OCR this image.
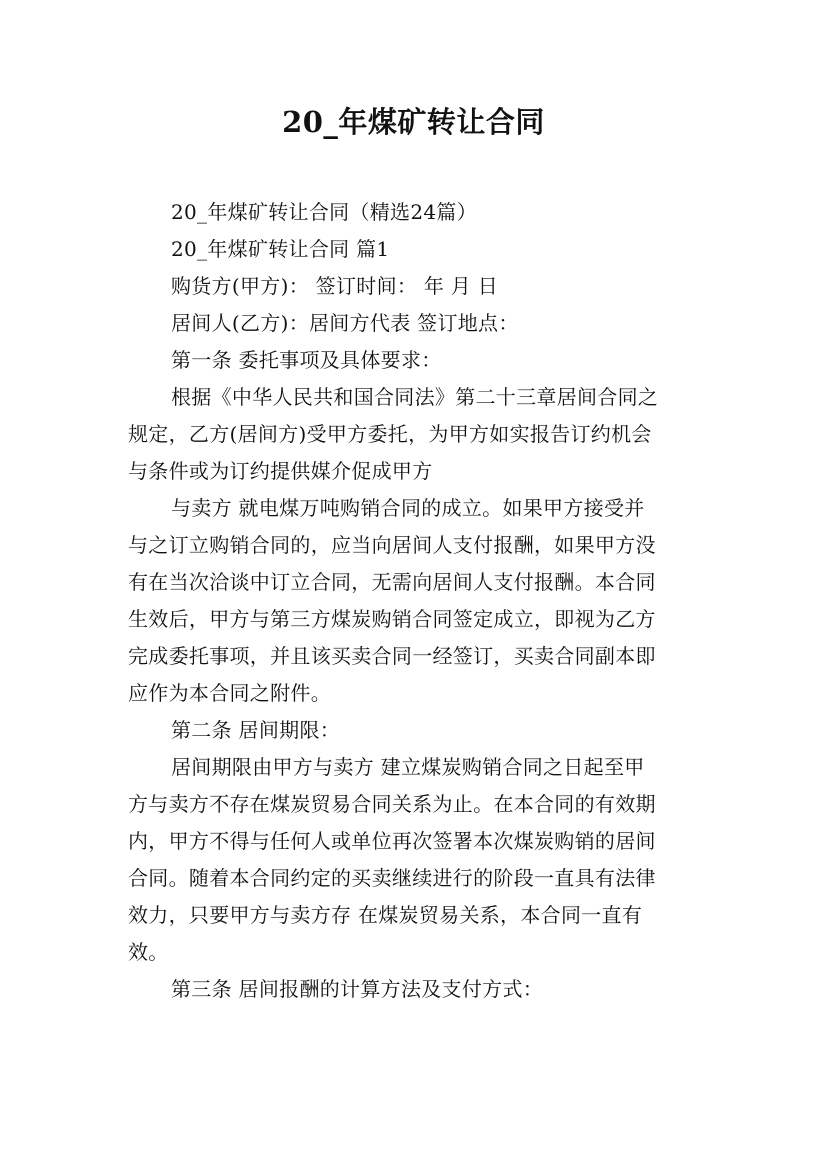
20_年煤矿转让合同
20_年煤矿转让合同（精选24篇）
20_年煤矿转让合同 篇1
购货方(甲方)： 签订时间： 年 月 日
居间人(乙方)：居间方代表 签订地点：
第一条 委托事项及具体要求：
根据《中华人民共和国合同法》第二十三章居间合同之
规定，乙方(居间方)受甲方委托，为甲方如实报告订约机会
与条件或为订约提供媒介促成甲方
与卖方 就电煤万吨购销合同的成立。如果甲方接受并
与之订立购销合同的，应当向居间人支付报酬，如果甲方没
有在当次洽谈中订立合同，无需向居间人支付报酬。本合同
生效后，甲方与第三方煤炭购销合同签定成立，即视为乙方
完成委托事项，并且该买卖合同一经签订，买卖合同副本即
应作为本合同之附件。
第二条 居间期限：
居间期限由甲方与卖方 建立煤炭购销合同之日起至甲
方与卖方不存在煤炭贸易合同关系为止。在本合同的有效期
内，甲方不得与任何人或单位再次签署本次煤炭购销的居间
合同。随着本合同约定的买卖继续进行的阶段一直具有法律
效力，只要甲方与卖方存 在煤炭贸易关系，本合同一直有
效。
第三条 居间报酬的计算方法及支付方式：
